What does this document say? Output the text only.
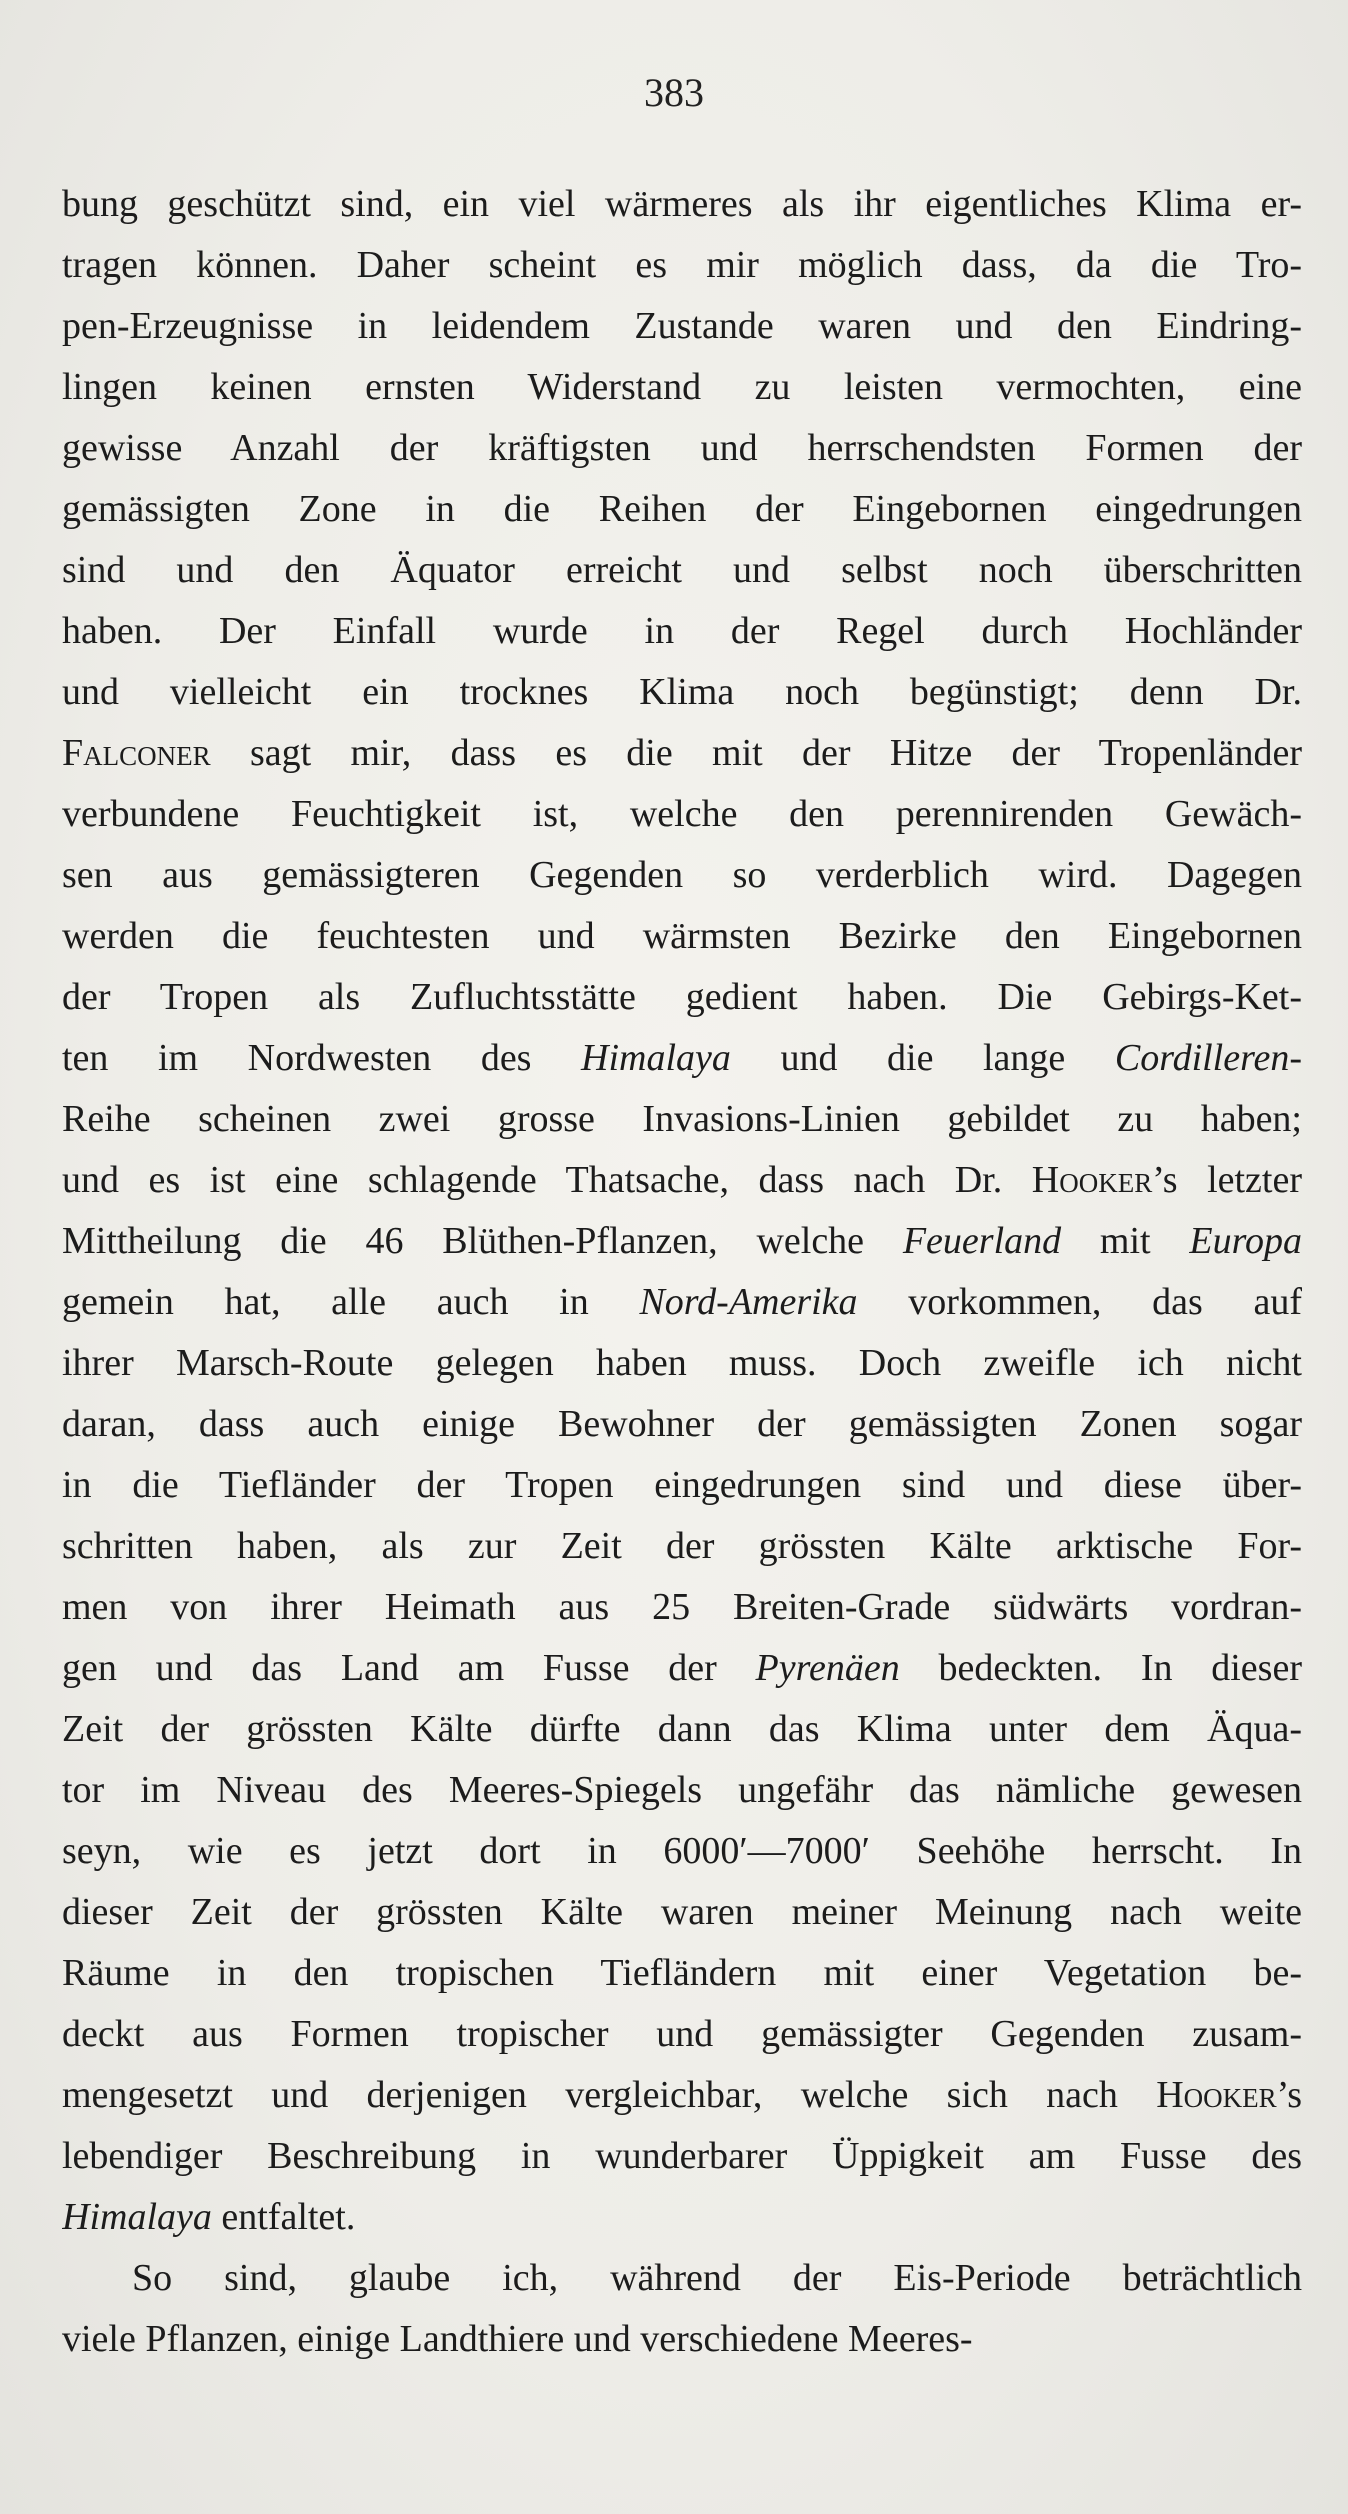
383
bung geschützt sind, ein viel wärmeres als ihr eigentliches Klima er-
tragen können. Daher scheint es mir möglich dass, da die Tro-
pen-Erzeugnisse in leidendem Zustande waren und den Eindring-
lingen keinen ernsten Widerstand zu leisten vermochten, eine
gewisse Anzahl der kräftigsten und herrschendsten Formen der
gemässigten Zone in die Reihen der Eingebornen eingedrungen
sind und den Äquator erreicht und selbst noch überschritten
haben. Der Einfall wurde in der Regel durch Hochländer
und vielleicht ein trocknes Klima noch begünstigt; denn Dr.
Falconer sagt mir, dass es die mit der Hitze der Tropenländer
verbundene Feuchtigkeit ist, welche den perennirenden Gewäch-
sen aus gemässigteren Gegenden so verderblich wird. Dagegen
werden die feuchtesten und wärmsten Bezirke den Eingebornen
der Tropen als Zufluchtsstätte gedient haben. Die Gebirgs-Ket-
ten im Nordwesten des Himalaya und die lange Cordilleren-
Reihe scheinen zwei grosse Invasions-Linien gebildet zu haben;
und es ist eine schlagende Thatsache, dass nach Dr. Hooker’s letzter
Mittheilung die 46 Blüthen-Pflanzen, welche Feuerland mit Europa
gemein hat, alle auch in Nord-Amerika vorkommen, das auf
ihrer Marsch-Route gelegen haben muss. Doch zweifle ich nicht
daran, dass auch einige Bewohner der gemässigten Zonen sogar
in die Tiefländer der Tropen eingedrungen sind und diese über-
schritten haben, als zur Zeit der grössten Kälte arktische For-
men von ihrer Heimath aus 25 Breiten-Grade südwärts vordran-
gen und das Land am Fusse der Pyrenäen bedeckten. In dieser
Zeit der grössten Kälte dürfte dann das Klima unter dem Äqua-
tor im Niveau des Meeres-Spiegels ungefähr das nämliche gewesen
seyn, wie es jetzt dort in 6000′—7000′ Seehöhe herrscht. In
dieser Zeit der grössten Kälte waren meiner Meinung nach weite
Räume in den tropischen Tiefländern mit einer Vegetation be-
deckt aus Formen tropischer und gemässigter Gegenden zusam-
mengesetzt und derjenigen vergleichbar, welche sich nach Hooker’s
lebendiger Beschreibung in wunderbarer Üppigkeit am Fusse des
Himalaya entfaltet.
So sind, glaube ich, während der Eis-Periode beträchtlich
viele Pflanzen, einige Landthiere und verschiedene Meeres-
